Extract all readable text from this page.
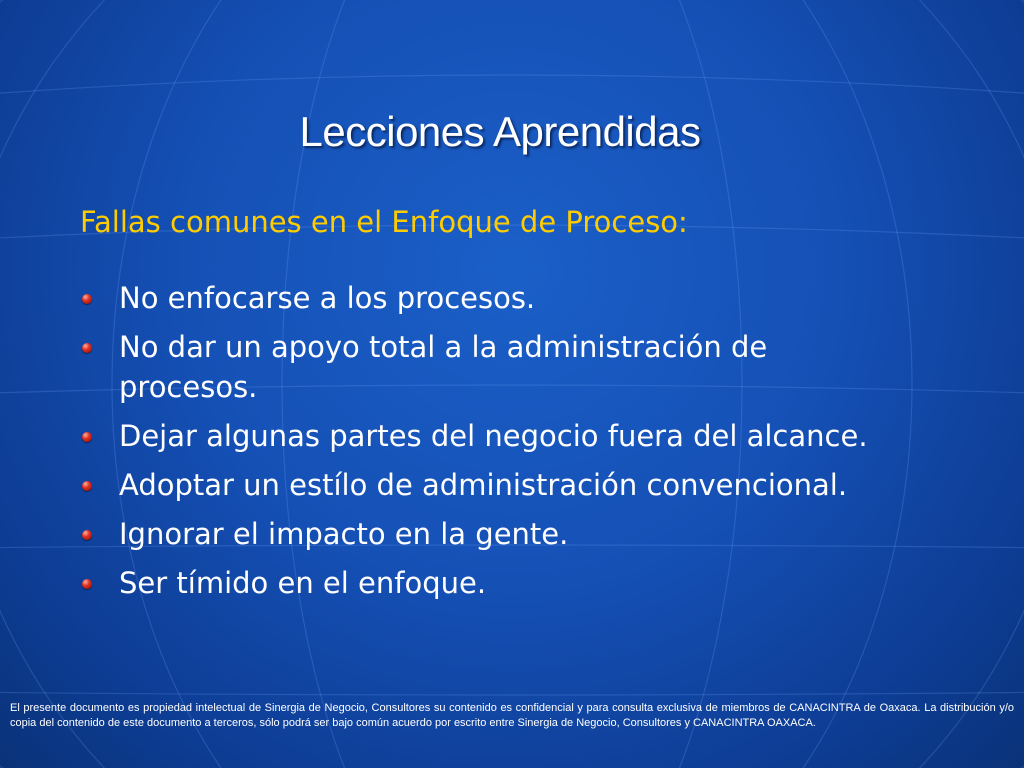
Lecciones Aprendidas
Fallas comunes en el Enfoque de Proceso:
No enfocarse a los procesos.
No dar un apoyo total a la administración de procesos.
Dejar algunas partes del negocio fuera del alcance.
Adoptar un estílo de administración convencional.
Ignorar el impacto en la gente.
Ser tímido en el enfoque.
El presente documento es propiedad intelectual de Sinergia de Negocio, Consultores su contenido es confidencial y para consulta exclusiva de miembros de CANACINTRA de Oaxaca. La distribución y/o copia del contenido de este documento a terceros, sólo podrá ser bajo común acuerdo por escrito entre Sinergia de Negocio, Consultores y CANACINTRA OAXACA.
